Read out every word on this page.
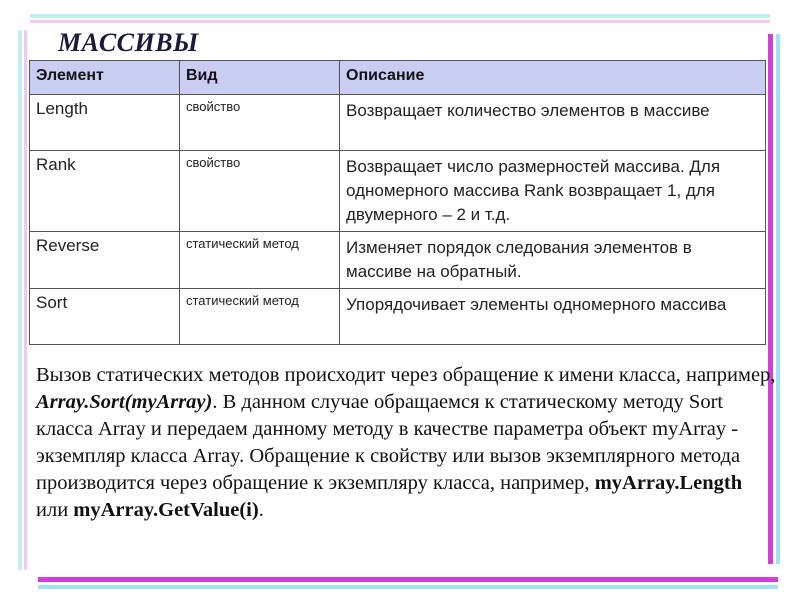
МАССИВЫ
Элемент	Вид	Описание
Length	свойство	Возвращает количество элементов в массиве
Rank	свойство	Возвращает число размерностей массива. Для одномерного массива Rank возвращает 1, для двумерного – 2 и т.д.
Reverse	статический метод	Изменяет порядок следования элементов в массиве на обратный.
Sort	статический метод	Упорядочивает элементы одномерного массива
Вызов статических методов происходит через обращение к имени класса, например, Array.Sort(myArray). В данном случае обращаемся к статическому методу Sort класса Array и передаем данному методу в качестве параметра объект myArray - экземпляр класса Array. Обращение к свойству или вызов экземплярного метода производится через обращение к экземпляру класса, например, myArray.Length или myArray.GetValue(i).
